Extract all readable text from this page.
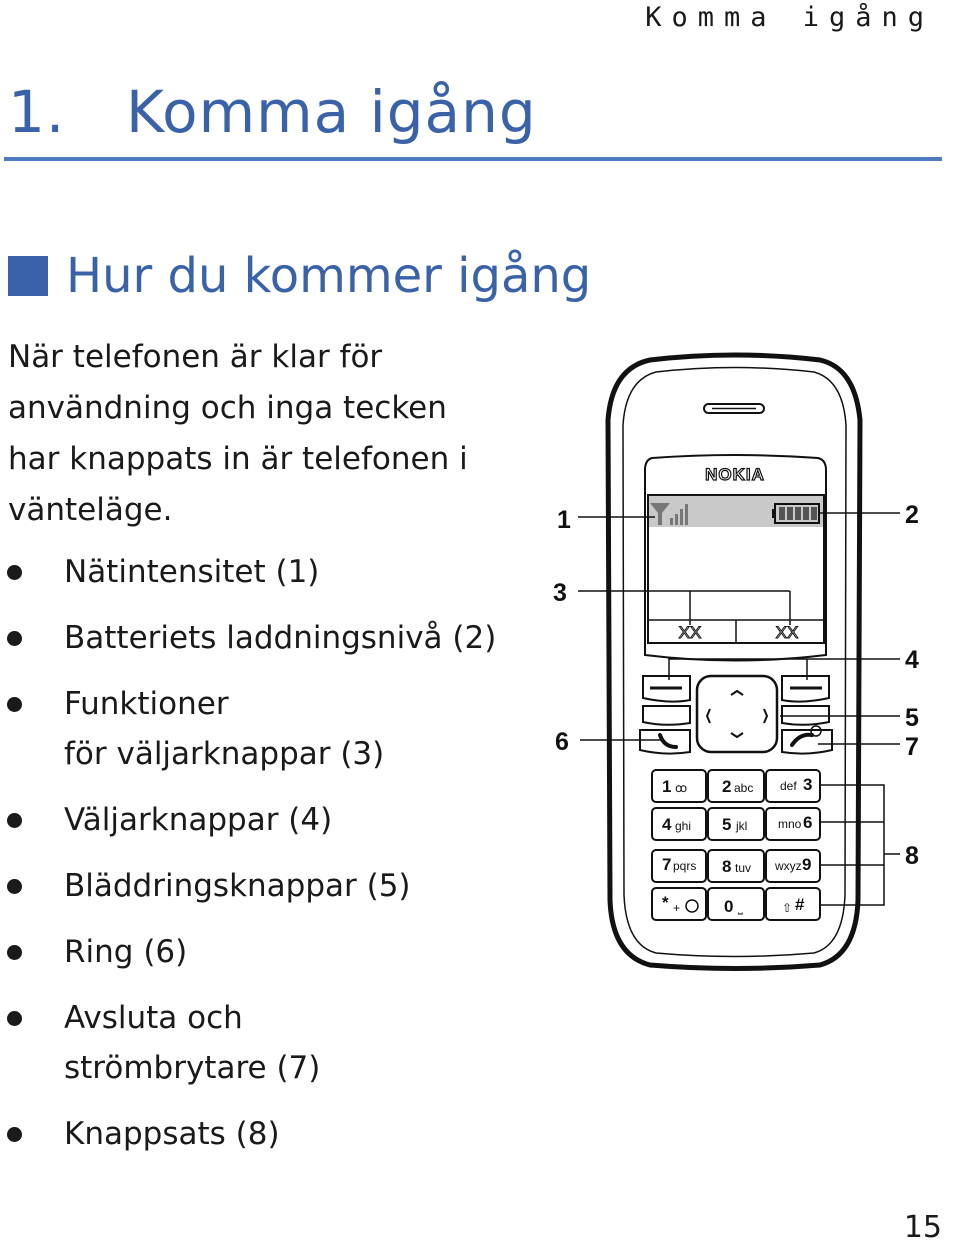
Komma igång
1. Komma igång
Hur du kommer igång

När telefonen är klar för
användning och inga tecken
har knappats in är telefonen i
vänteläge.

Nätintensitet (1)
Batteriets laddningsnivå (2)
Funktioner
för väljarknappar (3)
Väljarknappar (4)
Bläddringsknappar (5)
Ring (6)
Avsluta och
strömbrytare (7)
Knappsats (8)
NOKIA
XX	XX
1 ꝏ 2 abc def 3
4 ghi 5 jkl	mno 6
7 pqrs 8 tuv wxyz 9
* +	0 ⎵	⇧ #
1	2
3
4
5
6	7
8
15
